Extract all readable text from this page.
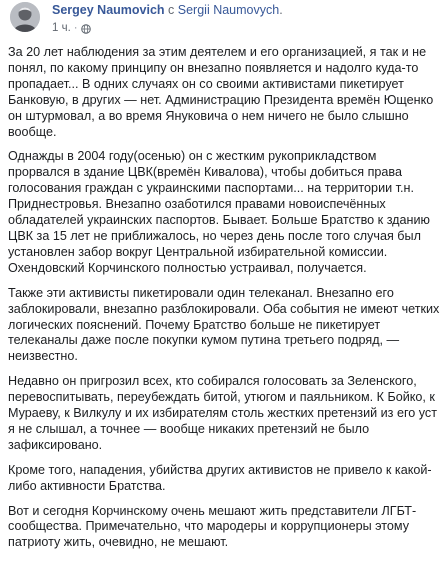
Sergey Naumovich с Sergii Naumovych.
1 ч. ·

За 20 лет наблюдения за этим деятелем и его организацией, я так и не понял, по какому принципу он внезапно появляется и надолго куда-то пропадает... В одних случаях он со своими активистами пикетирует Банковую, в других — нет. Администрацию Президента времён Ющенко он штурмовал, а во время Януковича о нем ничего не было слышно вообще.

Однажды в 2004 году(осенью) он с жестким рукоприкладством прорвался в здание ЦВК(времён Кивалова), чтобы добиться права голосования граждан с украинскими паспортами... на территории т.н. Приднестровья. Внезапно озаботился правами новоиспечённых обладателей украинских паспортов. Бывает. Больше Братство к зданию ЦВК за 15 лет не приближалось, но через день после того случая был установлен забор вокруг Центральной избирательной комиссии. Охендовский Корчинского полностью устраивал, получается.

Также эти активисты пикетировали один телеканал. Внезапно его заблокировали, внезапно разблокировали. Оба события не имеют четких логических пояснений. Почему Братство больше не пикетирует телеканалы даже после покупки кумом путина третьего подряд, — неизвестно.

Недавно он пригрозил всех, кто собирался голосовать за Зеленского, перевоспитывать, переубеждать битой, утюгом и паяльником. К Бойко, к Мураеву, к Вилкулу и их избирателям столь жестких претензий из его уст я не слышал, а точнее — вообще никаких претензий не было зафиксировано.

Кроме того, нападения, убийства других активистов не привело к какой-либо активности Братства.

Вот и сегодня Корчинскому очень мешают жить представители ЛГБТ-сообщества. Примечательно, что мародеры и коррупционеры этому патриоту жить, очевидно, не мешают.
